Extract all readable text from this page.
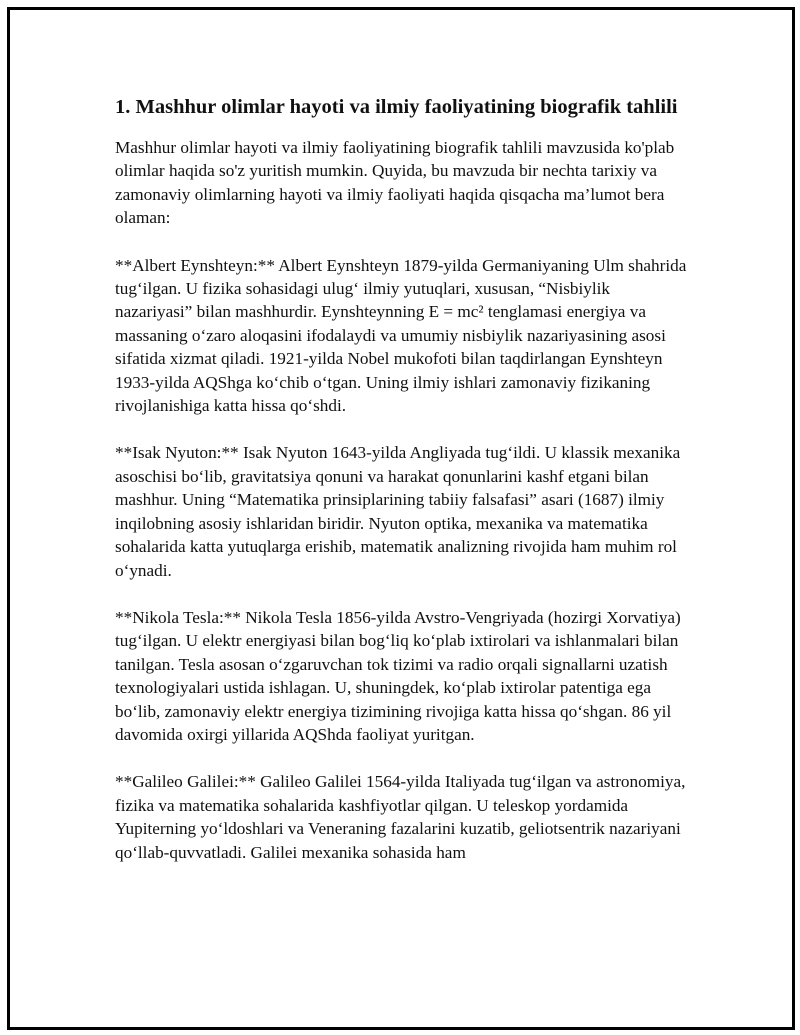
1. Mashhur olimlar hayoti va ilmiy faoliyatining biografik tahlili

Mashhur olimlar hayoti va ilmiy faoliyatining biografik tahlili mavzusida ko'plab olimlar haqida so'z yuritish mumkin. Quyida, bu mavzuda bir nechta tarixiy va zamonaviy olimlarning hayoti va ilmiy faoliyati haqida qisqacha ma’lumot bera olaman:

**Albert Eynshteyn:** Albert Eynshteyn 1879-yilda Germaniyaning Ulm shahrida tug‘ilgan. U fizika sohasidagi ulug‘ ilmiy yutuqlari, xususan, “Nisbiylik nazariyasi” bilan mashhurdir. Eynshteynning E = mc² tenglamasi energiya va massaning o‘zaro aloqasini ifodalaydi va umumiy nisbiylik nazariyasining asosi sifatida xizmat qiladi. 1921-yilda Nobel mukofoti bilan taqdirlangan Eynshteyn 1933-yilda AQShga ko‘chib o‘tgan. Uning ilmiy ishlari zamonaviy fizikaning rivojlanishiga katta hissa qo‘shdi.

**Isak Nyuton:** Isak Nyuton 1643-yilda Angliyada tug‘ildi. U klassik mexanika asoschisi bo‘lib, gravitatsiya qonuni va harakat qonunlarini kashf etgani bilan mashhur. Uning “Matematika prinsiplarining tabiiy falsafasi” asari (1687) ilmiy inqilobning asosiy ishlaridan biridir. Nyuton optika, mexanika va matematika sohalarida katta yutuqlarga erishib, matematik analizning rivojida ham muhim rol o‘ynadi.

**Nikola Tesla:** Nikola Tesla 1856-yilda Avstro-Vengriyada (hozirgi Xorvatiya) tug‘ilgan. U elektr energiyasi bilan bog‘liq ko‘plab ixtirolari va ishlanmalari bilan tanilgan. Tesla asosan o‘zgaruvchan tok tizimi va radio orqali signallarni uzatish texnologiyalari ustida ishlagan. U, shuningdek, ko‘plab ixtirolar patentiga ega bo‘lib, zamonaviy elektr energiya tizimining rivojiga katta hissa qo‘shgan. 86 yil davomida oxirgi yillarida AQShda faoliyat yuritgan.

**Galileo Galilei:** Galileo Galilei 1564-yilda Italiyada tug‘ilgan va astronomiya, fizika va matematika sohalarida kashfiyotlar qilgan. U teleskop yordamida Yupiterning yo‘ldoshlari va Veneraning fazalarini kuzatib, geliotsentrik nazariyani qo‘llab-quvvatladi. Galilei mexanika sohasida ham
